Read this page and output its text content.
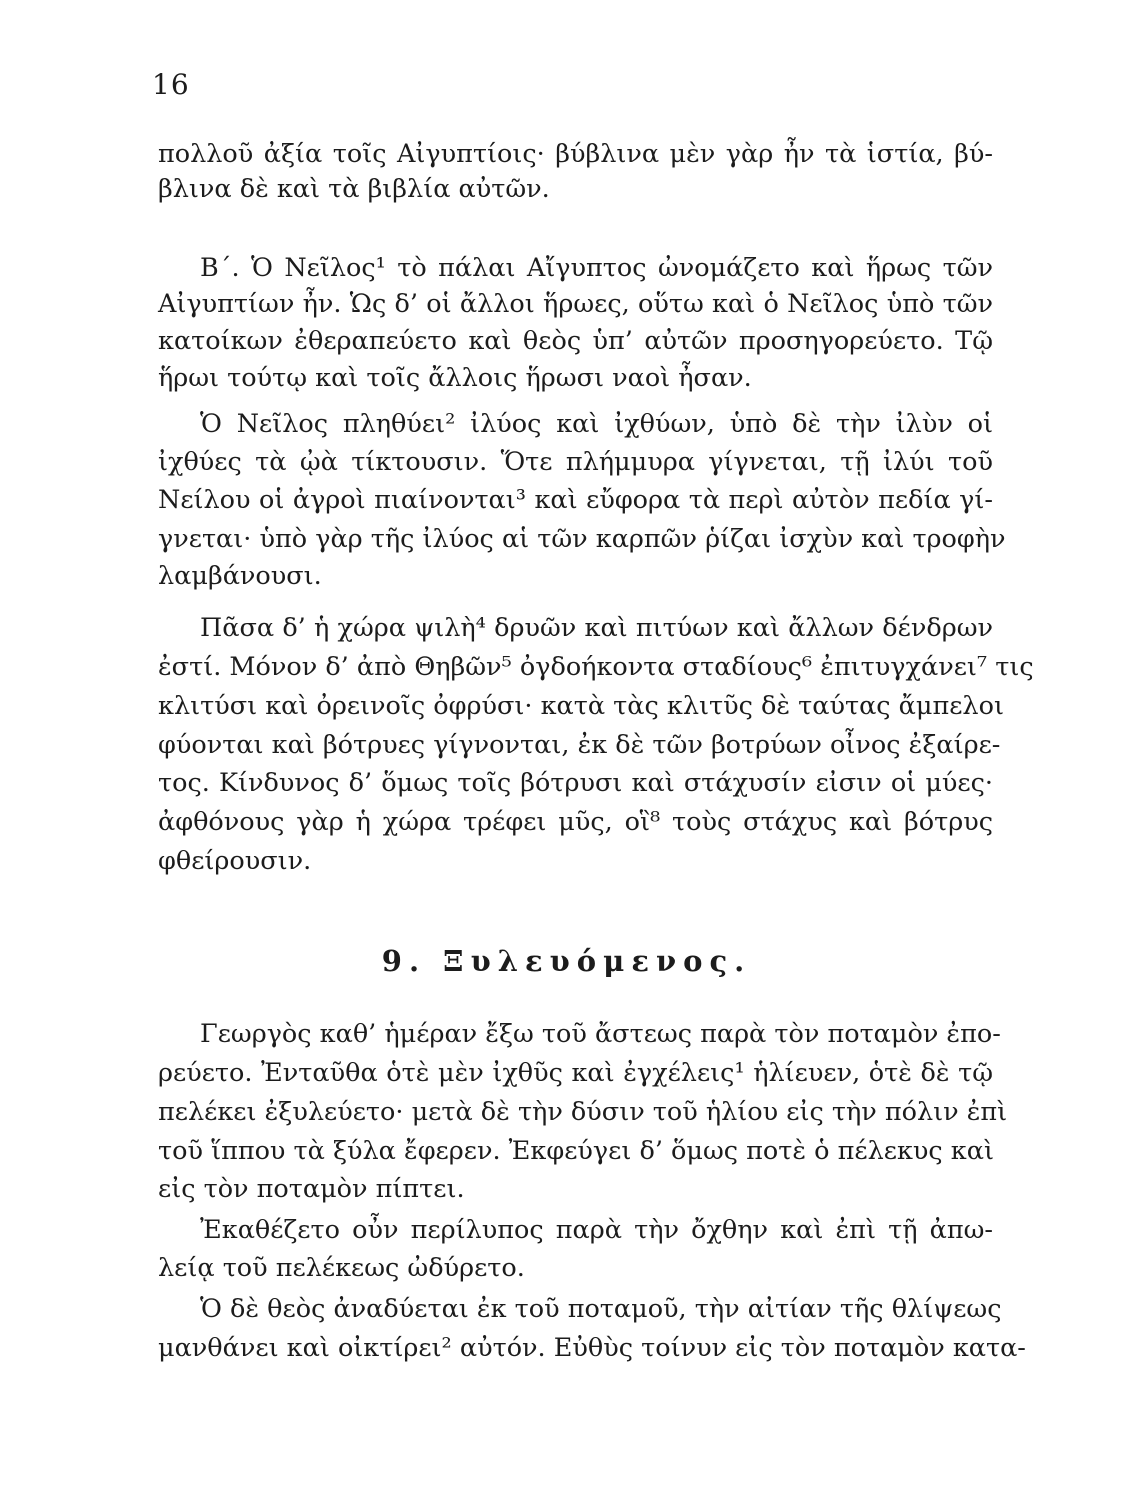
16
πολλοῦ ἀξία τοῖς Αἰγυπτίοις· βύβλινα μὲν γὰρ ἦν τὰ ἱστία, βύ-
βλινα δὲ καὶ τὰ βιβλία αὐτῶν.
Β΄. Ὁ Νεῖλος¹ τὸ πάλαι Αἴγυπτος ὠνομάζετο καὶ ἥρως τῶν
Αἰγυπτίων ἦν. Ὡς δ’ οἱ ἄλλοι ἥρωες, οὕτω καὶ ὁ Νεῖλος ὑπὸ τῶν
κατοίκων ἐθεραπεύετο καὶ θεὸς ὑπ’ αὐτῶν προσηγορεύετο. Τῷ
ἥρωι τούτῳ καὶ τοῖς ἄλλοις ἥρωσι ναοὶ ἦσαν.
Ὁ Νεῖλος πληθύει² ἰλύος καὶ ἰχθύων, ὑπὸ δὲ τὴν ἰλὺν οἱ
ἰχθύες τὰ ᾠὰ τίκτουσιν. Ὅτε πλήμμυρα γίγνεται, τῇ ἰλύι τοῦ
Νείλου οἱ ἀγροὶ πιαίνονται³ καὶ εὔφορα τὰ περὶ αὐτὸν πεδία γί-
γνεται· ὑπὸ γὰρ τῆς ἰλύος αἱ τῶν καρπῶν ῥίζαι ἰσχὺν καὶ τροφὴν
λαμβάνουσι.
Πᾶσα δ’ ἡ χώρα ψιλὴ⁴ δρυῶν καὶ πιτύων καὶ ἄλλων δένδρων
ἐστί. Μόνον δ’ ἀπὸ Θηβῶν⁵ ὀγδοήκοντα σταδίους⁶ ἐπιτυγχάνει⁷ τις
κλιτύσι καὶ ὀρεινοῖς ὀφρύσι· κατὰ τὰς κλιτῦς δὲ ταύτας ἄμπελοι
φύονται καὶ βότρυες γίγνονται, ἐκ δὲ τῶν βοτρύων οἶνος ἐξαίρε-
τος. Κίνδυνος δ’ ὅμως τοῖς βότρυσι καὶ στάχυσίν εἰσιν οἱ μύες·
ἀφθόνους γὰρ ἡ χώρα τρέφει μῦς, οἳ⁸ τοὺς στάχυς καὶ βότρυς
φθείρουσιν.
9. Ξυλευόμενος.
Γεωργὸς καθ’ ἡμέραν ἔξω τοῦ ἄστεως παρὰ τὸν ποταμὸν ἐπο-
ρεύετο. Ἐνταῦθα ὁτὲ μὲν ἰχθῦς καὶ ἐγχέλεις¹ ἡλίευεν, ὁτὲ δὲ τῷ
πελέκει ἐξυλεύετο· μετὰ δὲ τὴν δύσιν τοῦ ἡλίου εἰς τὴν πόλιν ἐπὶ
τοῦ ἵππου τὰ ξύλα ἔφερεν. Ἐκφεύγει δ’ ὅμως ποτὲ ὁ πέλεκυς καὶ
εἰς τὸν ποταμὸν πίπτει.
Ἐκαθέζετο οὖν περίλυπος παρὰ τὴν ὄχθην καὶ ἐπὶ τῇ ἀπω-
λείᾳ τοῦ πελέκεως ὠδύρετο.
Ὁ δὲ θεὸς ἀναδύεται ἐκ τοῦ ποταμοῦ, τὴν αἰτίαν τῆς θλίψεως
μανθάνει καὶ οἰκτίρει² αὐτόν. Εὐθὺς τοίνυν εἰς τὸν ποταμὸν κατα-
